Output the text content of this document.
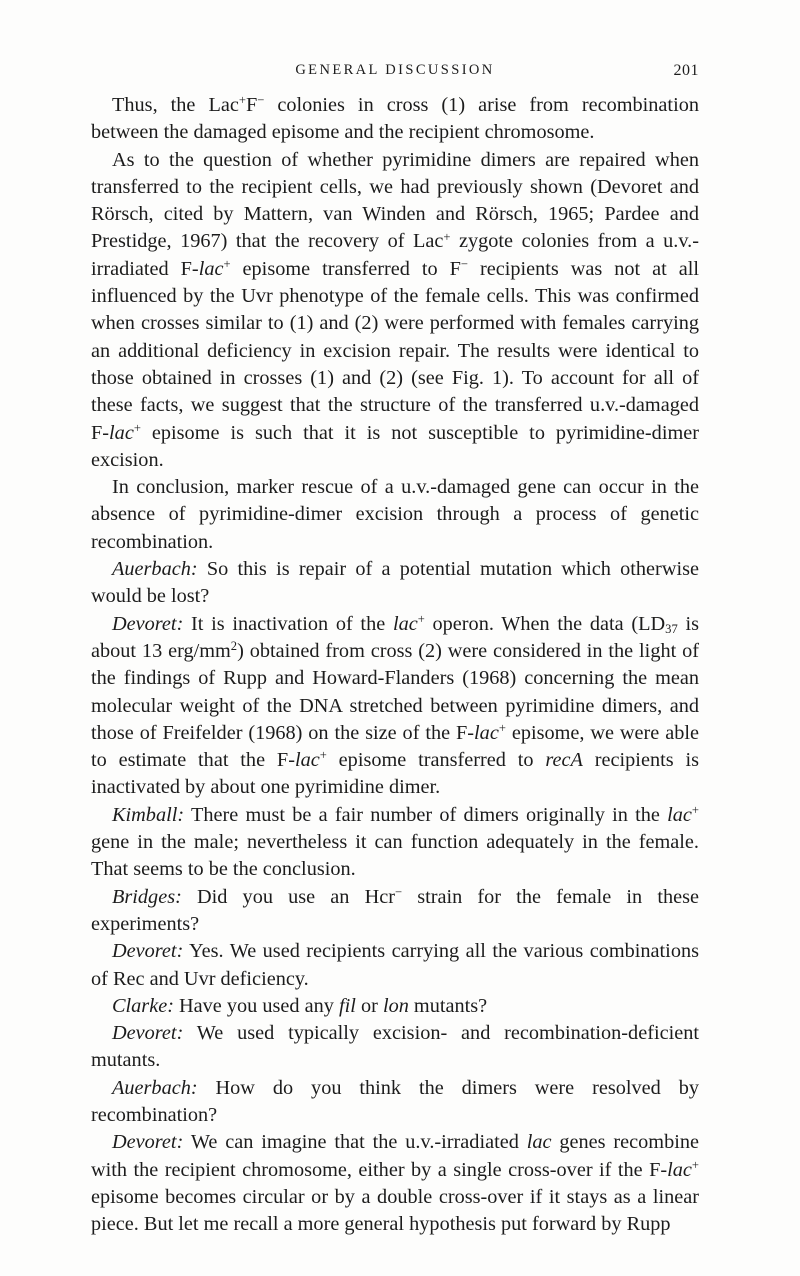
GENERAL DISCUSSION	201

Thus, the Lac+F− colonies in cross (1) arise from recombination between the damaged episome and the recipient chromosome.

As to the question of whether pyrimidine dimers are repaired when transferred to the recipient cells, we had previously shown (Devoret and Rörsch, cited by Mattern, van Winden and Rörsch, 1965; Pardee and Prestidge, 1967) that the recovery of Lac+ zygote colonies from a u.v.-irradiated F-lac+ episome transferred to F− recipients was not at all influenced by the Uvr phenotype of the female cells. This was confirmed when crosses similar to (1) and (2) were performed with females carrying an additional deficiency in excision repair. The results were identical to those obtained in crosses (1) and (2) (see Fig. 1). To account for all of these facts, we suggest that the structure of the transferred u.v.-damaged F-lac+ episome is such that it is not susceptible to pyrimidine-dimer excision.

In conclusion, marker rescue of a u.v.-damaged gene can occur in the absence of pyrimidine-dimer excision through a process of genetic recombination.

Auerbach: So this is repair of a potential mutation which otherwise would be lost?

Devoret: It is inactivation of the lac+ operon. When the data ($LD_{37}$ is about 13 erg/$mm^2$) obtained from cross (2) were considered in the light of the findings of Rupp and Howard-Flanders (1968) concerning the mean molecular weight of the DNA stretched between pyrimidine dimers, and those of Freifelder (1968) on the size of the F-lac+ episome, we were able to estimate that the F-lac+ episome transferred to recA recipients is inactivated by about one pyrimidine dimer.

Kimball: There must be a fair number of dimers originally in the lac+ gene in the male; nevertheless it can function adequately in the female. That seems to be the conclusion.

Bridges: Did you use an Hcr− strain for the female in these experiments?

Devoret: Yes. We used recipients carrying all the various combinations of Rec and Uvr deficiency.

Clarke: Have you used any fil or lon mutants?

Devoret: We used typically excision- and recombination-deficient mutants.

Auerbach: How do you think the dimers were resolved by recombination?

Devoret: We can imagine that the u.v.-irradiated lac genes recombine with the recipient chromosome, either by a single cross-over if the F-lac+ episome becomes circular or by a double cross-over if it stays as a linear piece. But let me recall a more general hypothesis put forward by Rupp
